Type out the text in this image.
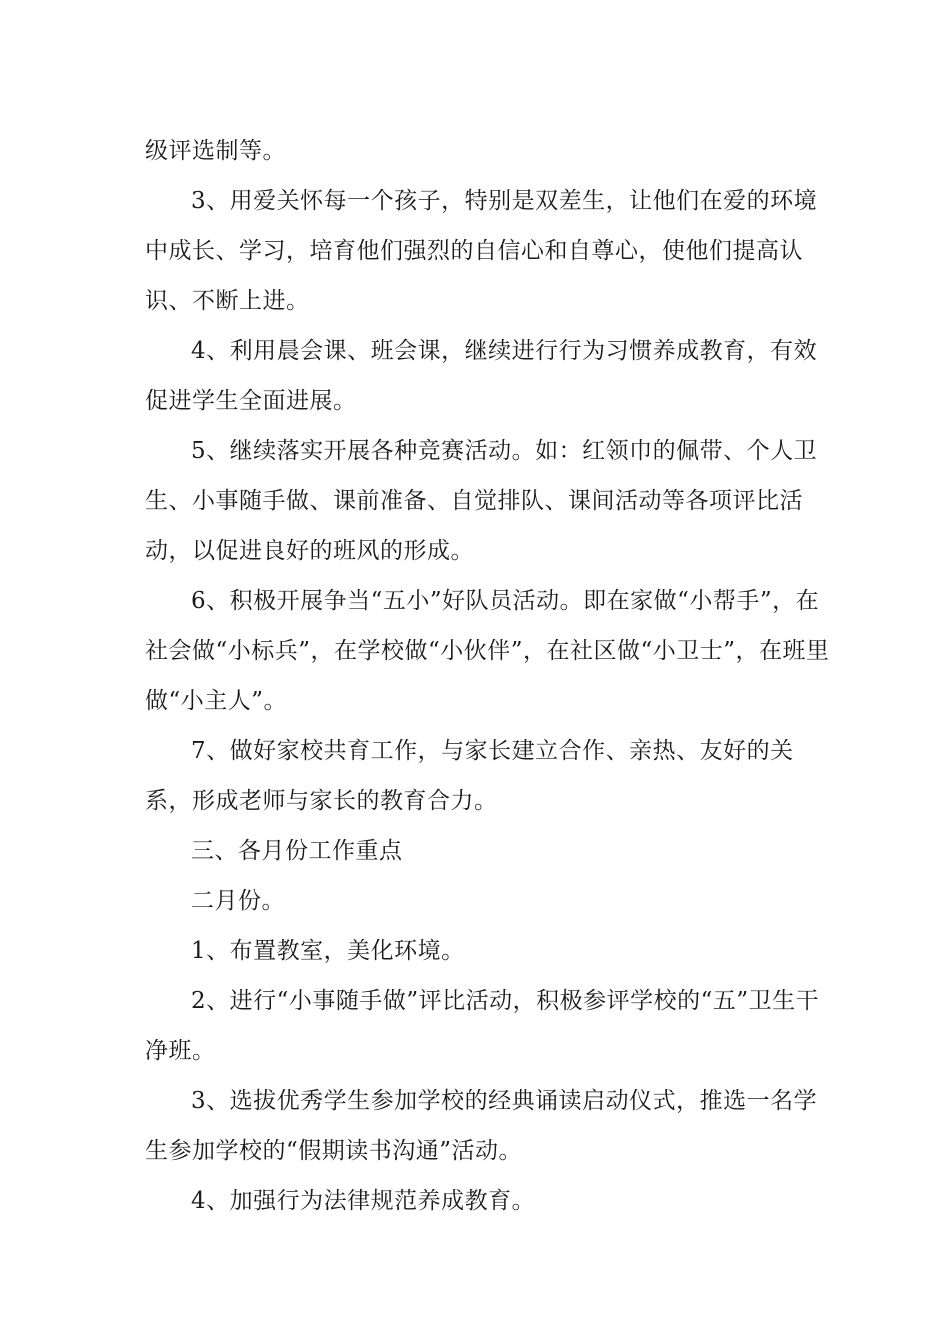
级评选制等。

3、用爱关怀每一个孩子，特别是双差生，让他们在爱的环境中成长、学习，培育他们强烈的自信心和自尊心，使他们提高认识、不断上进。

4、利用晨会课、班会课，继续进行行为习惯养成教育，有效促进学生全面进展。

5、继续落实开展各种竞赛活动。如：红领巾的佩带、个人卫生、小事随手做、课前准备、自觉排队、课间活动等各项评比活动，以促进良好的班风的形成。

6、积极开展争当“五小”好队员活动。即在家做“小帮手”，在社会做“小标兵”，在学校做“小伙伴”，在社区做“小卫士”，在班里做“小主人”。

7、做好家校共育工作，与家长建立合作、亲热、友好的关系，形成老师与家长的教育合力。

三、各月份工作重点

二月份。

1、布置教室，美化环境。

2、进行“小事随手做”评比活动，积极参评学校的“五”卫生干净班。

3、选拔优秀学生参加学校的经典诵读启动仪式，推选一名学生参加学校的“假期读书沟通”活动。

4、加强行为法律规范养成教育。
